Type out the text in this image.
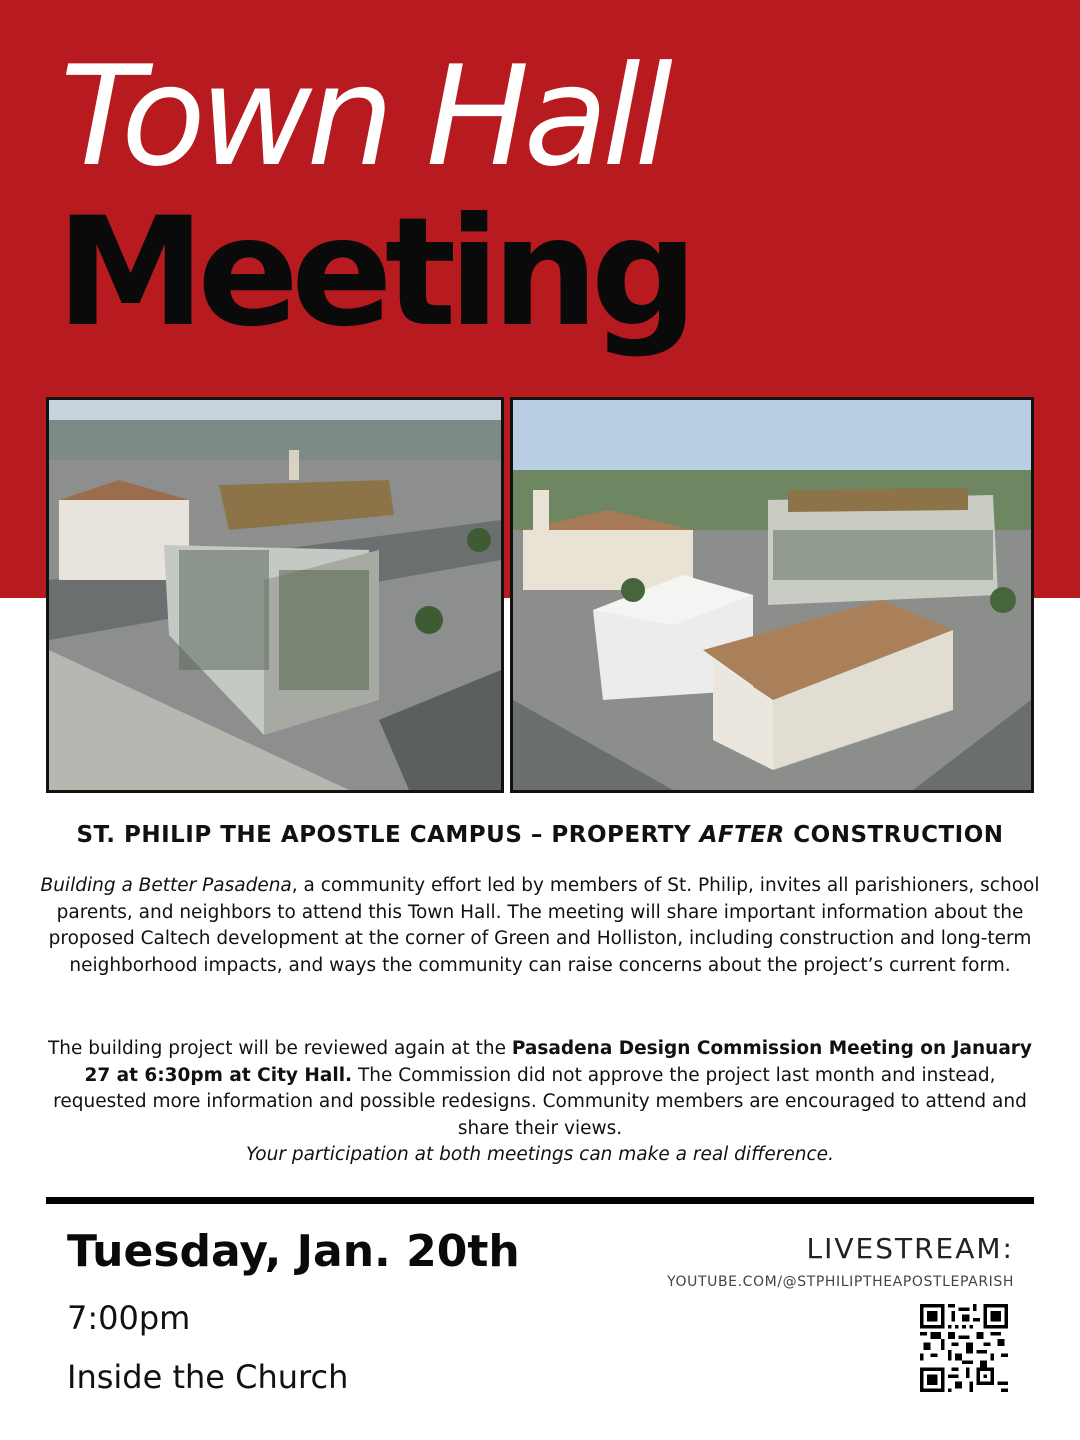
Town Hall
Meeting
ST. PHILIP THE APOSTLE CAMPUS – PROPERTY AFTER CONSTRUCTION
Building a Better Pasadena, a community effort led by members of St. Philip, invites all parishioners, school parents, and neighbors to attend this Town Hall. The meeting will share important information about the proposed Caltech development at the corner of Green and Holliston, including construction and long-term neighborhood impacts, and ways the community can raise concerns about the project’s current form.
The building project will be reviewed again at the Pasadena Design Commission Meeting on January 27 at 6:30pm at City Hall. The Commission did not approve the project last month and instead, requested more information and possible redesigns. Community members are encouraged to attend and share their views.
Your participation at both meetings can make a real difference.
Tuesday, Jan. 20th
7:00pm
Inside the Church
LIVESTREAM:
YOUTUBE.COM/@STPHILIPTHEAPOSTLEPARISH
